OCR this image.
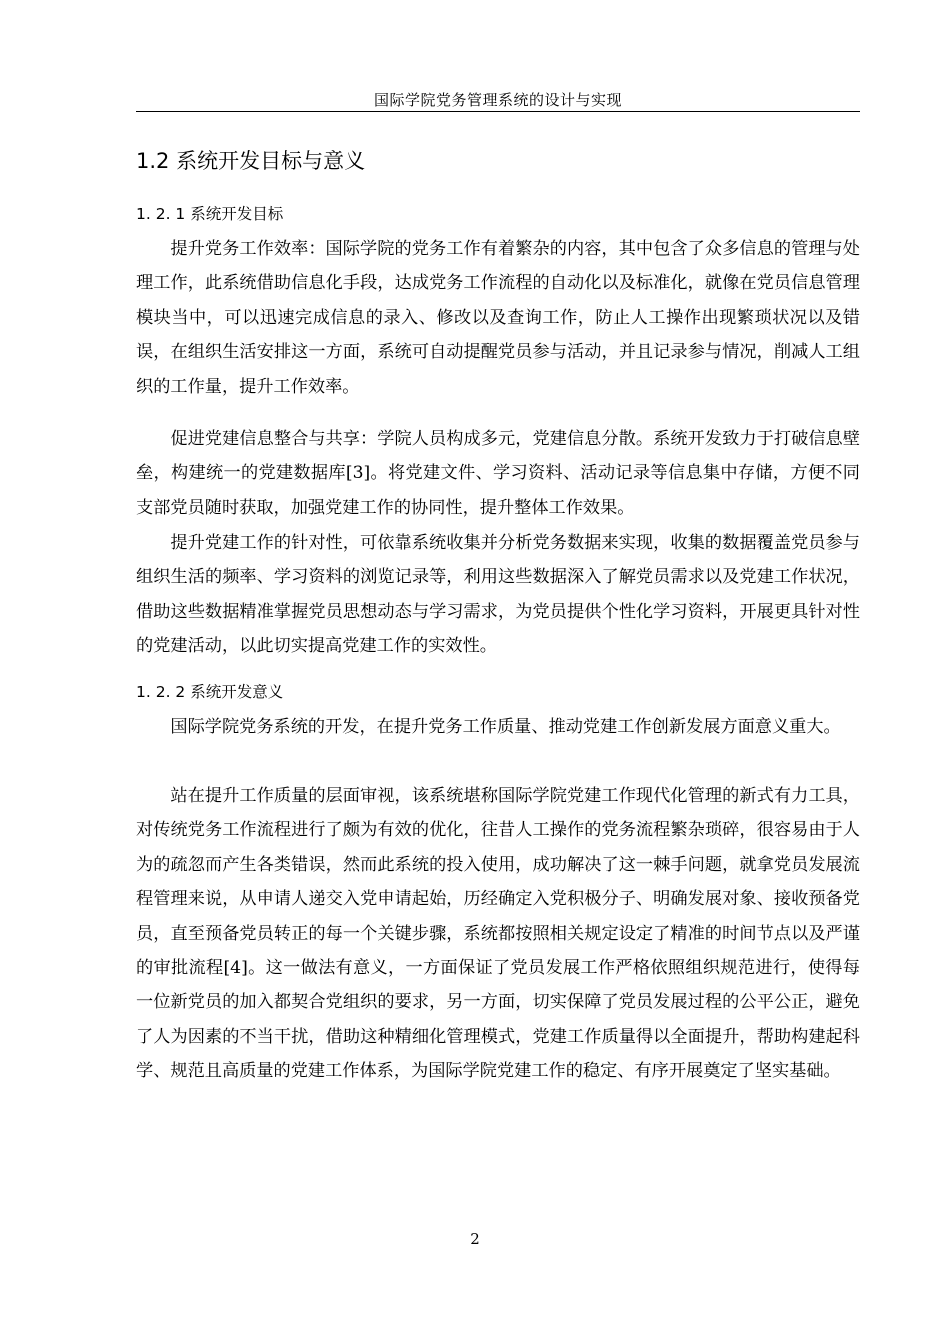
国际学院党务管理系统的设计与实现
1.2 系统开发目标与意义
1. 2. 1 系统开发目标

提升党务工作效率：国际学院的党务工作有着繁杂的内容，其中包含了众多信息的管理与处理工作，此系统借助信息化手段，达成党务工作流程的自动化以及标准化，就像在党员信息管理模块当中，可以迅速完成信息的录入、修改以及查询工作，防止人工操作出现繁琐状况以及错误，在组织生活安排这一方面，系统可自动提醒党员参与活动，并且记录参与情况，削减人工组织的工作量，提升工作效率。

促进党建信息整合与共享：学院人员构成多元，党建信息分散。系统开发致力于打破信息壁垒，构建统一的党建数据库[3]。将党建文件、学习资料、活动记录等信息集中存储，方便不同支部党员随时获取，加强党建工作的协同性，提升整体工作效果。

提升党建工作的针对性，可依靠系统收集并分析党务数据来实现，收集的数据覆盖党员参与组织生活的频率、学习资料的浏览记录等，利用这些数据深入了解党员需求以及党建工作状况，借助这些数据精准掌握党员思想动态与学习需求，为党员提供个性化学习资料，开展更具针对性的党建活动，以此切实提高党建工作的实效性。

1. 2. 2 系统开发意义

国际学院党务系统的开发，在提升党务工作质量、推动党建工作创新发展方面意义重大。

站在提升工作质量的层面审视，该系统堪称国际学院党建工作现代化管理的新式有力工具，对传统党务工作流程进行了颇为有效的优化，往昔人工操作的党务流程繁杂琐碎，很容易由于人为的疏忽而产生各类错误，然而此系统的投入使用，成功解决了这一棘手问题，就拿党员发展流程管理来说，从申请人递交入党申请起始，历经确定入党积极分子、明确发展对象、接收预备党员，直至预备党员转正的每一个关键步骤，系统都按照相关规定设定了精准的时间节点以及严谨的审批流程[4]。这一做法有意义，一方面保证了党员发展工作严格依照组织规范进行，使得每一位新党员的加入都契合党组织的要求，另一方面，切实保障了党员发展过程的公平公正，避免了人为因素的不当干扰，借助这种精细化管理模式，党建工作质量得以全面提升，帮助构建起科学、规范且高质量的党建工作体系，为国际学院党建工作的稳定、有序开展奠定了坚实基础。

2
